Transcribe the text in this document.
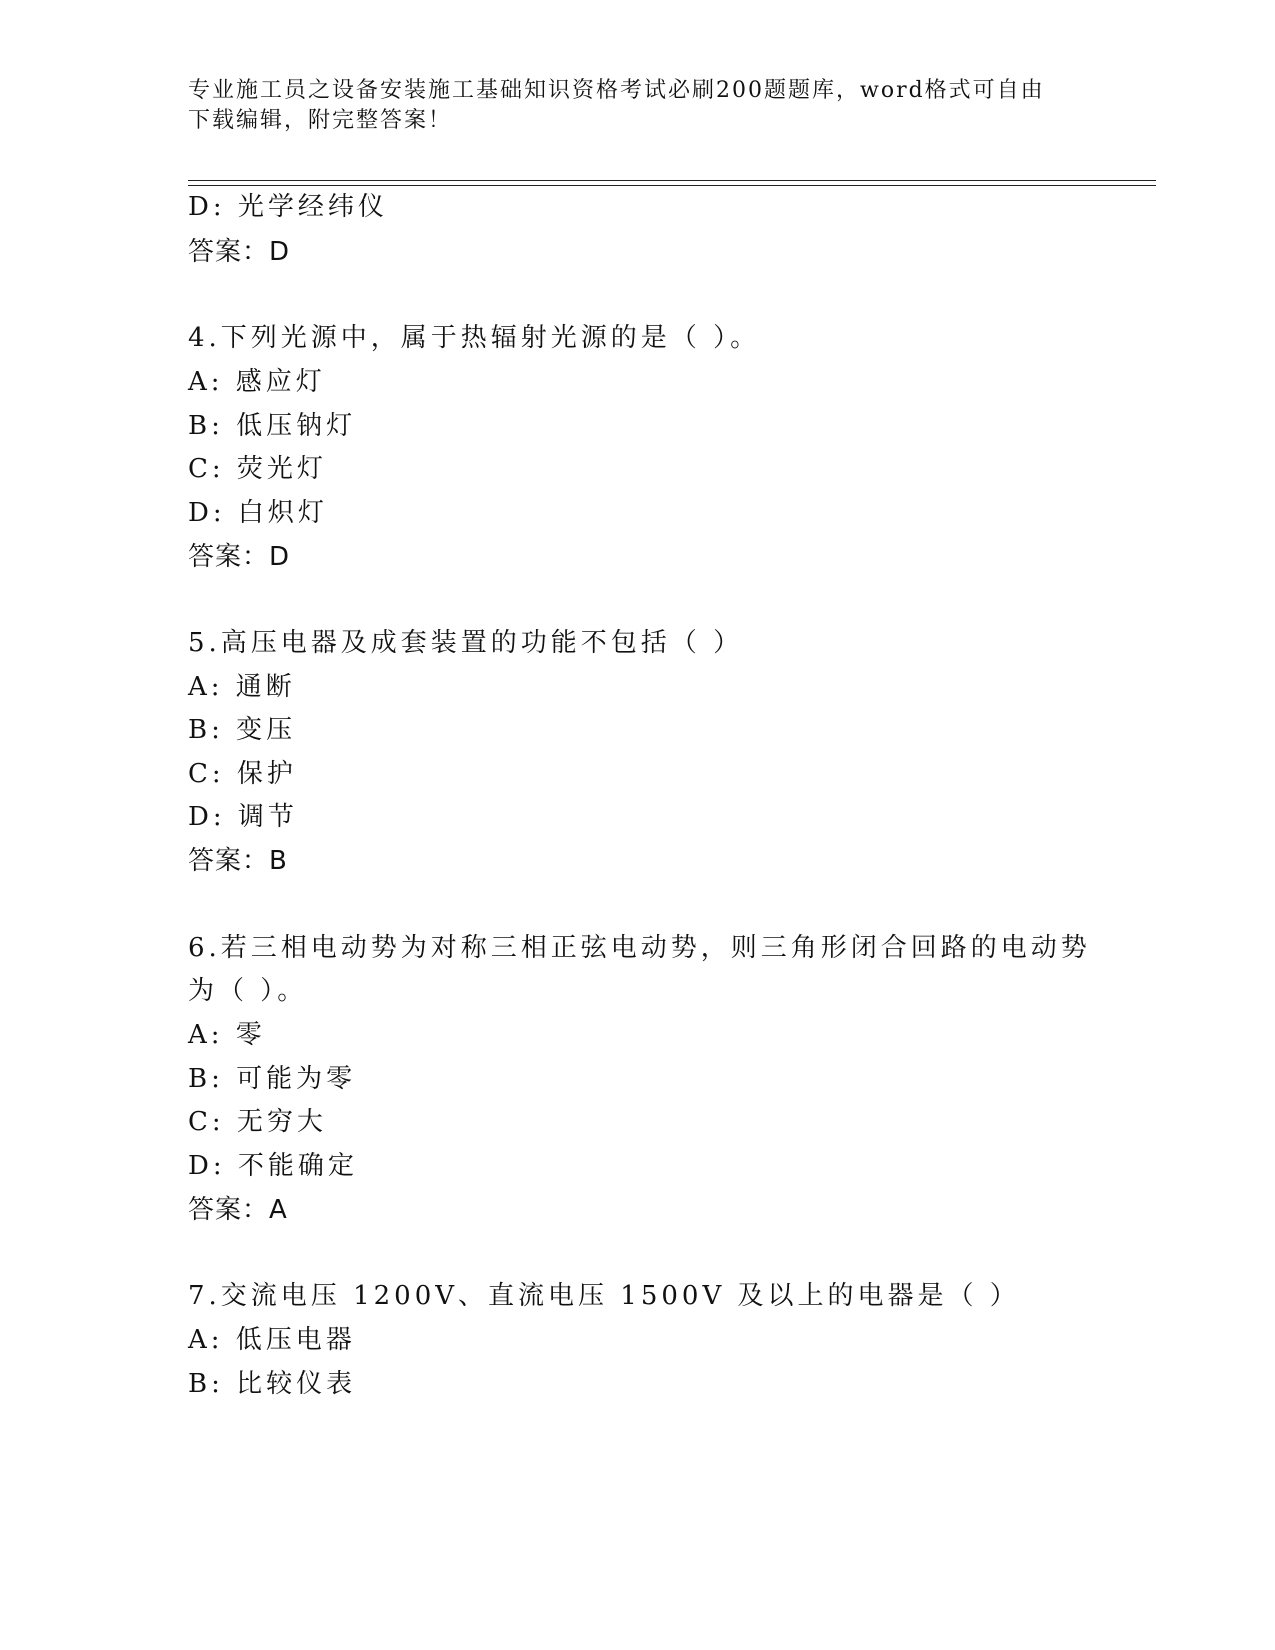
专业施工员之设备安装施工基础知识资格考试必刷200题题库，word格式可自由
下载编辑，附完整答案！
D: 光学经纬仪
答案：D
4.下列光源中，属于热辐射光源的是（ ）。
A: 感应灯
B: 低压钠灯
C: 荧光灯
D: 白炽灯
答案：D
5.高压电器及成套装置的功能不包括（ ）
A: 通断
B: 变压
C: 保护
D: 调节
答案：B
6.若三相电动势为对称三相正弦电动势，则三角形闭合回路的电动势
为（ ）。
A: 零
B: 可能为零
C: 无穷大
D: 不能确定
答案：A
7.交流电压 1200V、直流电压 1500V 及以上的电器是（ ）
A: 低压电器
B: 比较仪表
